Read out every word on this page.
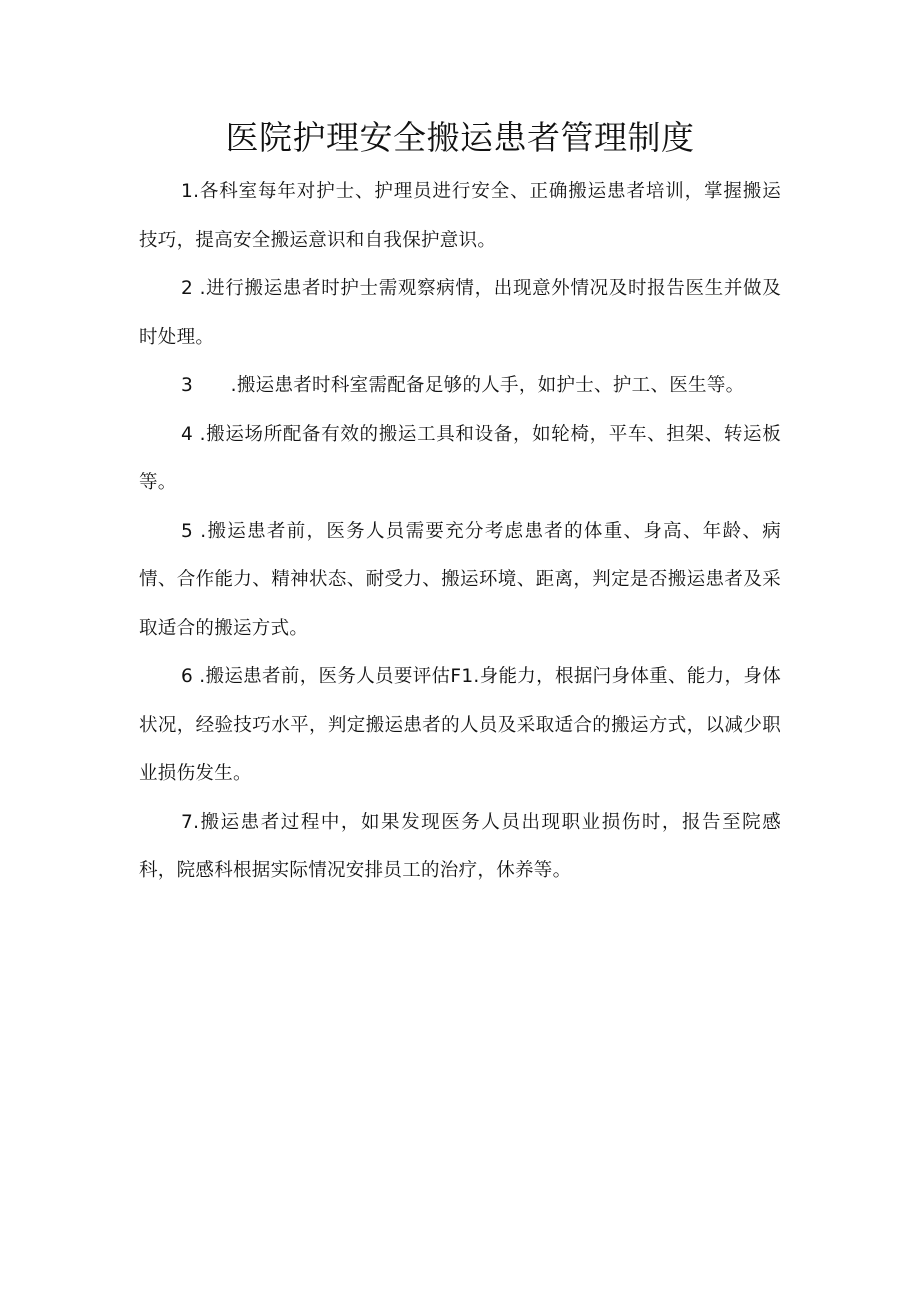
医院护理安全搬运患者管理制度

1.各科室每年对护士、护理员进行安全、正确搬运患者培训，掌握搬运技巧，提高安全搬运意识和自我保护意识。

2 .进行搬运患者时护士需观察病情，出现意外情况及时报告医生并做及时处理。

3　　.搬运患者时科室需配备足够的人手，如护士、护工、医生等。

4 .搬运场所配备有效的搬运工具和设备，如轮椅，平车、担架、转运板等。

5 .搬运患者前，医务人员需要充分考虑患者的体重、身高、年龄、病情、合作能力、精神状态、耐受力、搬运环境、距离，判定是否搬运患者及采取适合的搬运方式。

6 .搬运患者前，医务人员要评估F1.身能力，根据闩身体重、能力，身体状况，经验技巧水平，判定搬运患者的人员及采取适合的搬运方式，以减少职业损伤发生。

7.搬运患者过程中，如果发现医务人员出现职业损伤时，报告至院感科，院感科根据实际情况安排员工的治疗，休养等。
